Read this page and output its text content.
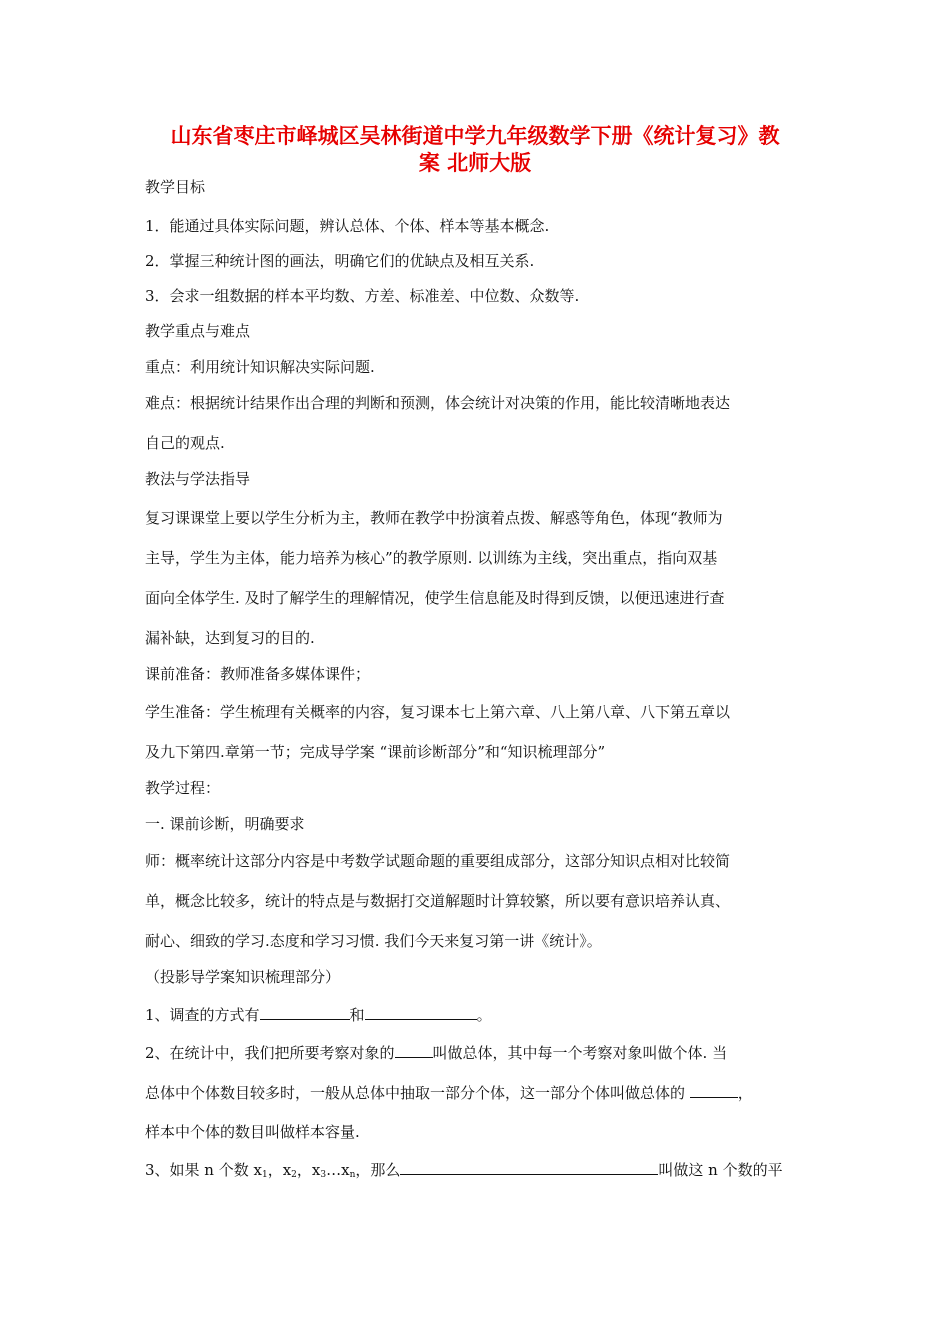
山东省枣庄市峄城区吴林街道中学九年级数学下册《统计复习》教
案 北师大版
教学目标
1．能通过具体实际问题，辨认总体、个体、样本等基本概念.
2．掌握三种统计图的画法，明确它们的优缺点及相互关系.
3．会求一组数据的样本平均数、方差、标准差、中位数、众数等.
教学重点与难点
重点：利用统计知识解决实际问题.
难点：根据统计结果作出合理的判断和预测，体会统计对决策的作用，能比较清晰地表达
自己的观点.
教法与学法指导
复习课课堂上要以学生分析为主，教师在教学中扮演着点拨、解惑等角色，体现“教师为
主导，学生为主体，能力培养为核心”的教学原则. 以训练为主线，突出重点，指向双基
面向全体学生. 及时了解学生的理解情况，使学生信息能及时得到反馈，以便迅速进行查
漏补缺，达到复习的目的.
课前准备：教师准备多媒体课件；
学生准备：学生梳理有关概率的内容，复习课本七上第六章、八上第八章、八下第五章以
及九下第四.章第一节；完成导学案 “课前诊断部分”和“知识梳理部分”
教学过程：
一. 课前诊断，明确要求
师：概率统计这部分内容是中考数学试题命题的重要组成部分，这部分知识点相对比较简
单，概念比较多，统计的特点是与数据打交道解题时计算较繁，所以要有意识培养认真、
耐心、细致的学习.态度和学习习惯. 我们今天来复习第一讲《统计》。
（投影导学案知识梳理部分）
1、调查的方式有	和	。
2、在统计中，我们把所要考察对象的	叫做总体，其中每一个考察对象叫做个体. 当
总体中个体数目较多时，一般从总体中抽取一部分个体，这一部分个体叫做总体的	，
样本中个体的数目叫做样本容量.
3、如果 n 个数 $x_1$，$x_2$，$x_3\dots x_n$，那么	叫做这 n 个数的平
